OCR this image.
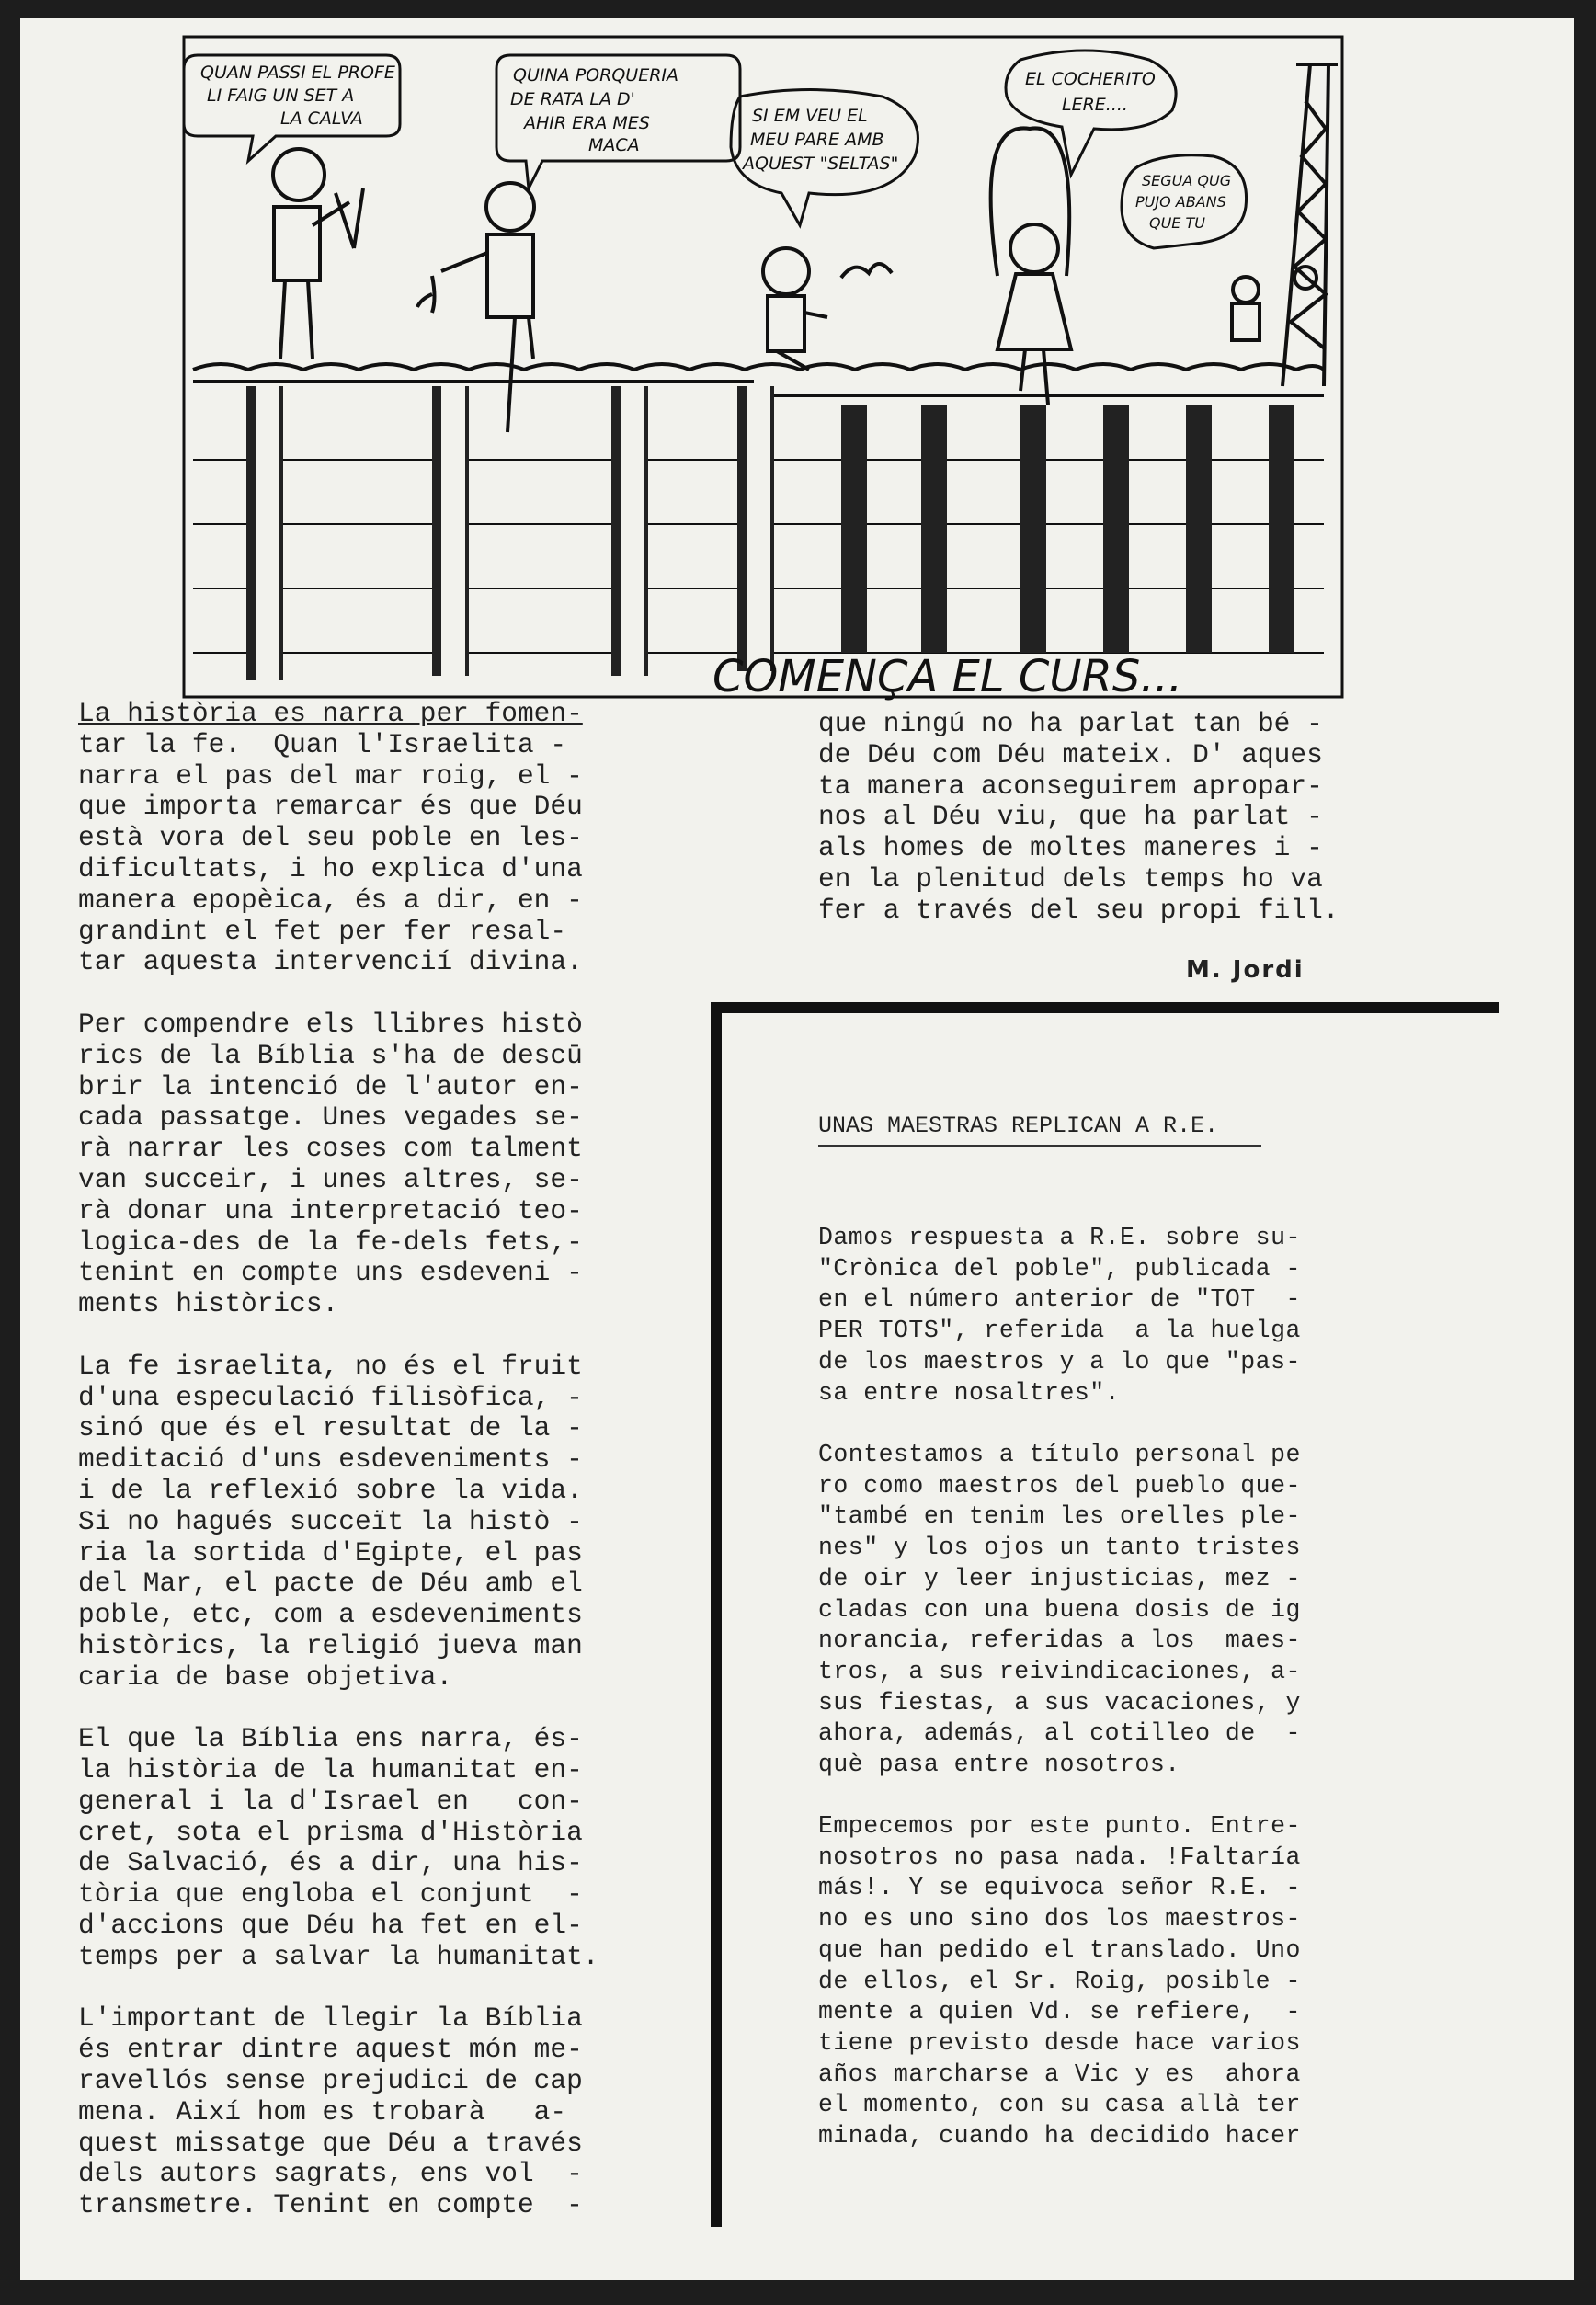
QUAN PASSI EL PROFE
LI FAIG UN SET A
LA CALVA
QUINA PORQUERIA
DE RATA LA D'
AHIR ERA MES
MACA
SI EM VEU EL
MEU PARE AMB
AQUEST "SELTAS"
EL COCHERITO
LERE....
SEGUA QUG
PUJO ABANS
QUE TU
COMENÇA EL CURS...

La història es narra per fomen-

tar la fe.  Quan l'Israelita -

narra el pas del mar roig, el -

que importa remarcar és que Déu

està vora del seu poble en les-

dificultats, i ho explica d'una

manera epopèica, és a dir, en -

grandint el fet per fer resal-

tar aquesta intervencií divina.

Per compendre els llibres histò

rics de la Bíblia s'ha de descū

brir la intenció de l'autor en-

cada passatge. Unes vegades se-

rà narrar les coses com talment

van succeir, i unes altres, se-

rà donar una interpretació teo-

logica-des de la fe-dels fets,-

tenint en compte uns esdeveni -

ments històrics.

La fe israelita, no és el fruit

d'una especulació filisòfica, -

sinó que és el resultat de la -

meditació d'uns esdeveniments -

i de la reflexió sobre la vida.

Si no hagués succeït la histò -

ria la sortida d'Egipte, el pas

del Mar, el pacte de Déu amb el

poble, etc, com a esdeveniments

històrics, la religió jueva man

caria de base objetiva.

El que la Bíblia ens narra, és-

la història de la humanitat en-

general i la d'Israel en   con-

cret, sota el prisma d'Història

de Salvació, és a dir, una his-

tòria que engloba el conjunt  -

d'accions que Déu ha fet en el-

temps per a salvar la humanitat.

L'important de llegir la Bíblia

és entrar dintre aquest món me-

ravellós sense prejudici de cap

mena. Així hom es trobarà   a-

quest missatge que Déu a través

dels autors sagrats, ens vol  -

transmetre. Tenint en compte  -

que ningú no ha parlat tan bé -

de Déu com Déu mateix. D' aques

ta manera aconseguirem apropar-

nos al Déu viu, que ha parlat -

als homes de moltes maneres i -

en la plenitud dels temps ho va

fer a través del seu propi fill.

M. Jordi
UNAS MAESTRAS REPLICAN A R.E.

Damos respuesta a R.E. sobre su-

"Crònica del poble", publicada -

en el número anterior de "TOT  -

PER TOTS", referida  a la huelga

de los maestros y a lo que "pas-

sa entre nosaltres".

Contestamos a título personal pe

ro como maestros del pueblo que-

"també en tenim les orelles ple-

nes" y los ojos un tanto tristes

de oir y leer injusticias, mez -

cladas con una buena dosis de ig

norancia, referidas a los  maes-

tros, a sus reivindicaciones, a-

sus fiestas, a sus vacaciones, y

ahora, además, al cotilleo de  -

què pasa entre nosotros.

Empecemos por este punto. Entre-

nosotros no pasa nada. !Faltaría

más!. Y se equivoca señor R.E. -

no es uno sino dos los maestros-

que han pedido el translado. Uno

de ellos, el Sr. Roig, posible -

mente a quien Vd. se refiere,  -

tiene previsto desde hace varios

años marcharse a Vic y es  ahora

el momento, con su casa allà ter

minada, cuando ha decidido hacer
